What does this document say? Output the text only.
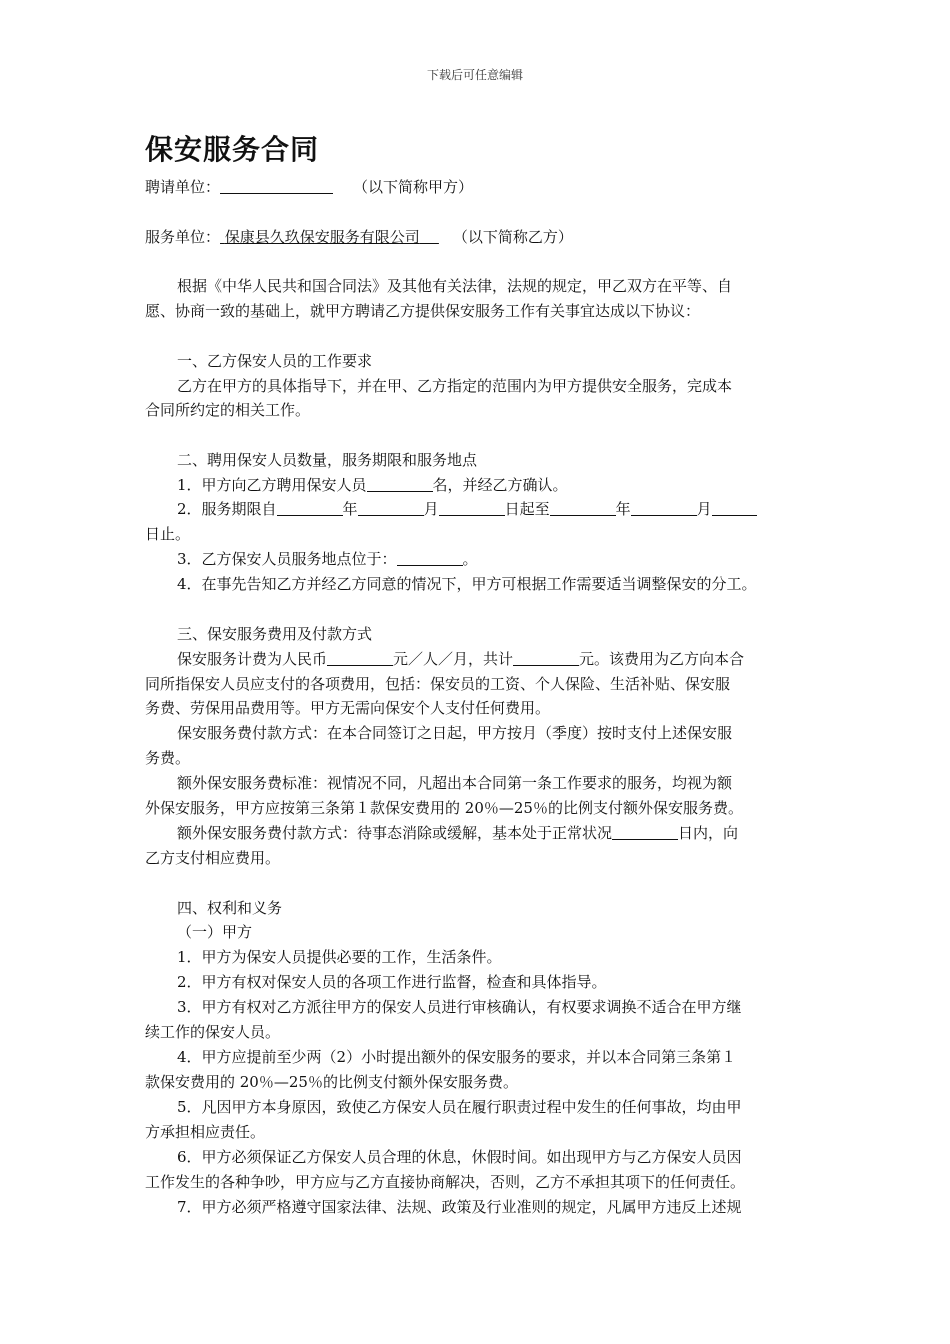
下载后可任意编辑
保安服务合同
聘请单位：	（以下简称甲方）
服务单位： 保康县久玖保安服务有限公司 （以下简称乙方）
根据《中华人民共和国合同法》及其他有关法律，法规的规定，甲乙双方在平等、自
愿、协商一致的基础上，就甲方聘请乙方提供保安服务工作有关事宜达成以下协议：
一、乙方保安人员的工作要求
乙方在甲方的具体指导下，并在甲、乙方指定的范围内为甲方提供安全服务，完成本
合同所约定的相关工作。
二、聘用保安人员数量，服务期限和服务地点
1．甲方向乙方聘用保安人员	名，并经乙方确认。
2．服务期限自	年	月	日起至	年	月
日止。
3．乙方保安人员服务地点位于：	。
4．在事先告知乙方并经乙方同意的情况下，甲方可根据工作需要适当调整保安的分工。
三、保安服务费用及付款方式
保安服务计费为人民币	元／人／月，共计	元。该费用为乙方向本合
同所指保安人员应支付的各项费用，包括：保安员的工资、个人保险、生活补贴、保安服
务费、劳保用品费用等。甲方无需向保安个人支付任何费用。
保安服务费付款方式：在本合同签订之日起，甲方按月（季度）按时支付上述保安服
务费。
额外保安服务费标准：视情况不同，凡超出本合同第一条工作要求的服务，均视为额
外保安服务，甲方应按第三条第１款保安费用的 20％—25％的比例支付额外保安服务费。
额外保安服务费付款方式：待事态消除或缓解，基本处于正常状况	日内，向
乙方支付相应费用。
四、权利和义务
（一）甲方
1．甲方为保安人员提供必要的工作，生活条件。
2．甲方有权对保安人员的各项工作进行监督，检查和具体指导。
3．甲方有权对乙方派往甲方的保安人员进行审核确认，有权要求调换不适合在甲方继
续工作的保安人员。
4．甲方应提前至少两（2）小时提出额外的保安服务的要求，并以本合同第三条第１
款保安费用的 20％—25％的比例支付额外保安服务费。
5．凡因甲方本身原因，致使乙方保安人员在履行职责过程中发生的任何事故，均由甲
方承担相应责任。
6．甲方必须保证乙方保安人员合理的休息，休假时间。如出现甲方与乙方保安人员因
工作发生的各种争吵，甲方应与乙方直接协商解决，否则，乙方不承担其项下的任何责任。
7．甲方必须严格遵守国家法律、法规、政策及行业准则的规定，凡属甲方违反上述规
